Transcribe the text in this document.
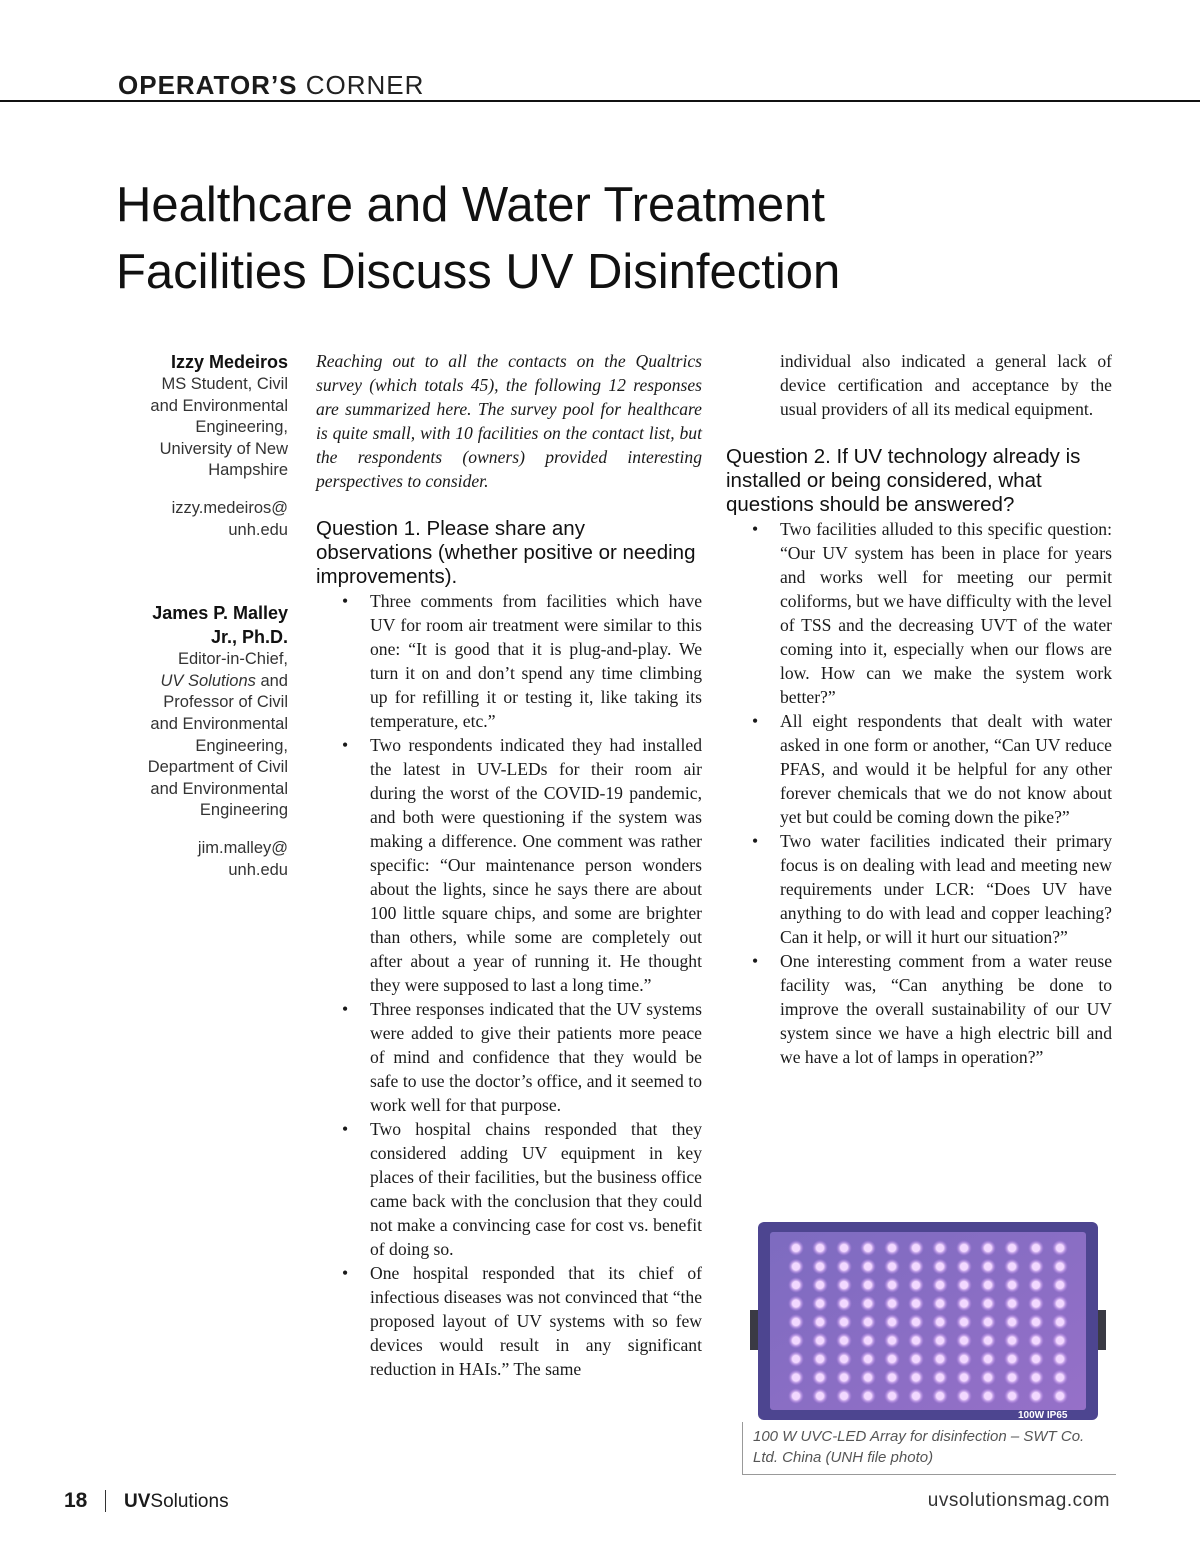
OPERATOR’S CORNER
Healthcare and Water Treatment
Facilities Discuss UV Disinfection
Izzy Medeiros
MS Student, Civil
and Environmental
Engineering,
University of New
Hampshire
izzy.medeiros@
unh.edu
James P. Malley
Jr., Ph.D.
Editor-in-Chief,
UV Solutions and
Professor of Civil
and Environmental
Engineering,
Department of Civil
and Environmental
Engineering
jim.malley@
unh.edu

Reaching out to all the contacts on the Qualtrics survey (which totals 45), the following 12 responses are summarized here. The survey pool for healthcare is quite small, with 10 facilities on the contact list, but the respondents (owners) provided interesting perspectives to consider.

Question 1. Please share any observations (whether positive or needing improvements).
• Three comments from facilities which have UV for room air treatment were similar to this one: “It is good that it is plug-and-play. We turn it on and don’t spend any time climbing up for refilling it or testing it, like taking its temperature, etc.”
• Two respondents indicated they had installed the latest in UV-LEDs for their room air during the worst of the COVID-19 pandemic, and both were questioning if the system was making a difference. One comment was rather specific: “Our maintenance person wonders about the lights, since he says there are about 100 little square chips, and some are brighter than others, while some are completely out after about a year of running it. He thought they were supposed to last a long time.”
• Three responses indicated that the UV systems were added to give their patients more peace of mind and confidence that they would be safe to use the doctor’s office, and it seemed to work well for that purpose.
• Two hospital chains responded that they considered adding UV equipment in key places of their facilities, but the business office came back with the conclusion that they could not make a convincing case for cost vs. benefit of doing so.
• One hospital responded that its chief of infectious diseases was not convinced that “the proposed layout of UV systems with so few devices would result in any significant reduction in HAIs.” The same

individual also indicated a general lack of device certification and acceptance by the usual providers of all its medical equipment.

Question 2. If UV technology already is installed or being considered, what questions should be answered?
• Two facilities alluded to this specific question: “Our UV system has been in place for years and works well for meeting our permit coliforms, but we have difficulty with the level of TSS and the decreasing UVT of the water coming into it, especially when our flows are low. How can we make the system work better?”
• All eight respondents that dealt with water asked in one form or another, “Can UV reduce PFAS, and would it be helpful for any other forever chemicals that we do not know about yet but could be coming down the pike?”
• Two water facilities indicated their primary focus is on dealing with lead and meeting new requirements under LCR: “Does UV have anything to do with lead and copper leaching? Can it help, or will it hurt our situation?”
• One interesting comment from a water reuse facility was, “Can anything be done to improve the overall sustainability of our UV system since we have a high electric bill and we have a lot of lamps in operation?”
100W IP65
100 W UVC-LED Array for disinfection – SWT Co. Ltd. China (UNH file photo)
18 UVSolutions	uvsolutionsmag.com
